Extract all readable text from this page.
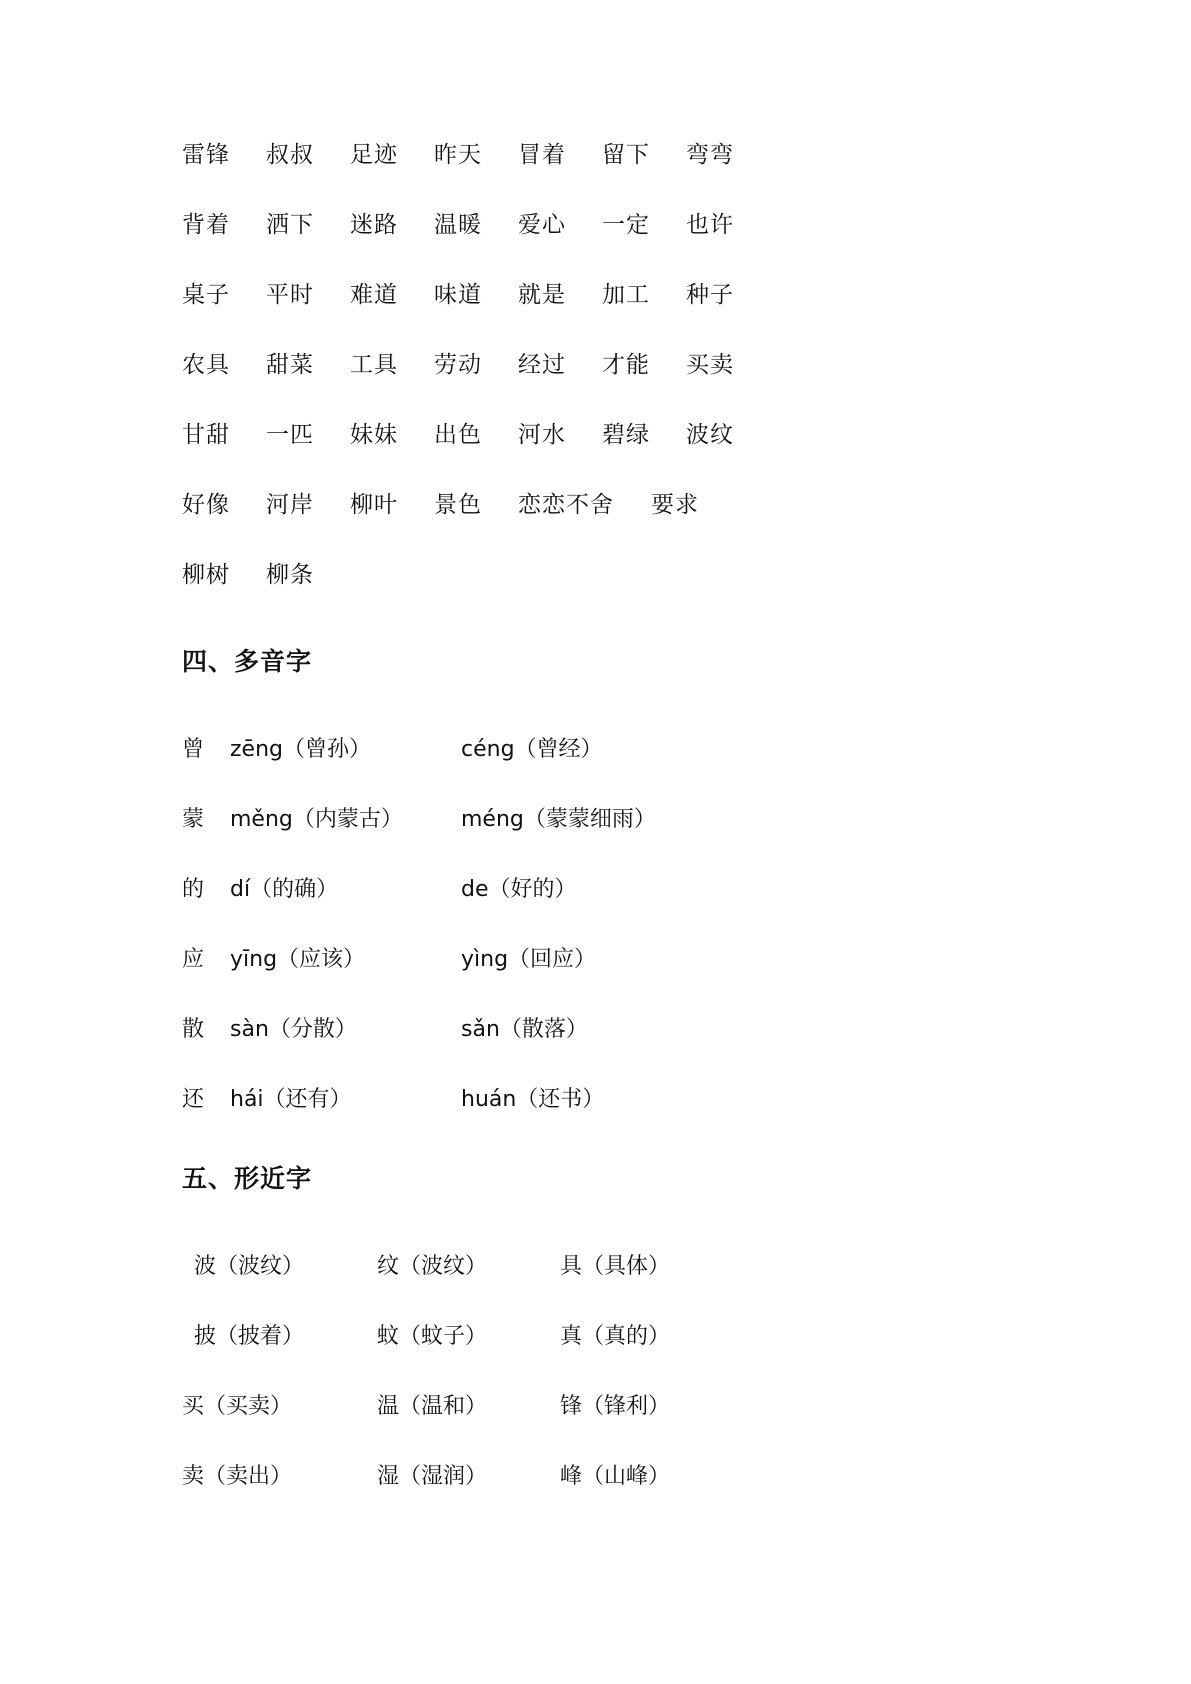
雷锋 叔叔 足迹 昨天 冒着 留下 弯弯
背着 洒下 迷路 温暖 爱心 一定 也许
桌子 平时 难道 味道 就是 加工 种子
农具 甜菜 工具 劳动 经过 才能 买卖
甘甜 一匹 妹妹 出色 河水 碧绿 波纹
好像 河岸 柳叶 景色 恋恋不舍 要求
柳树 柳条
四、多音字
曾 zēng（曾孙）	céng（曾经）
蒙 měng（内蒙古）	méng（蒙蒙细雨）
的 dí（的确）	de（好的）
应 yīng（应该）	yìng（回应）
散 sàn（分散）	sǎn（散落）
还 hái（还有）	huán（还书）
五、形近字
波（波纹）	纹（波纹）	具（具体）
披（披着）	蚊（蚊子）	真（真的）
买（买卖）	温（温和）	锋（锋利）
卖（卖出）	湿（湿润）	峰（山峰）
